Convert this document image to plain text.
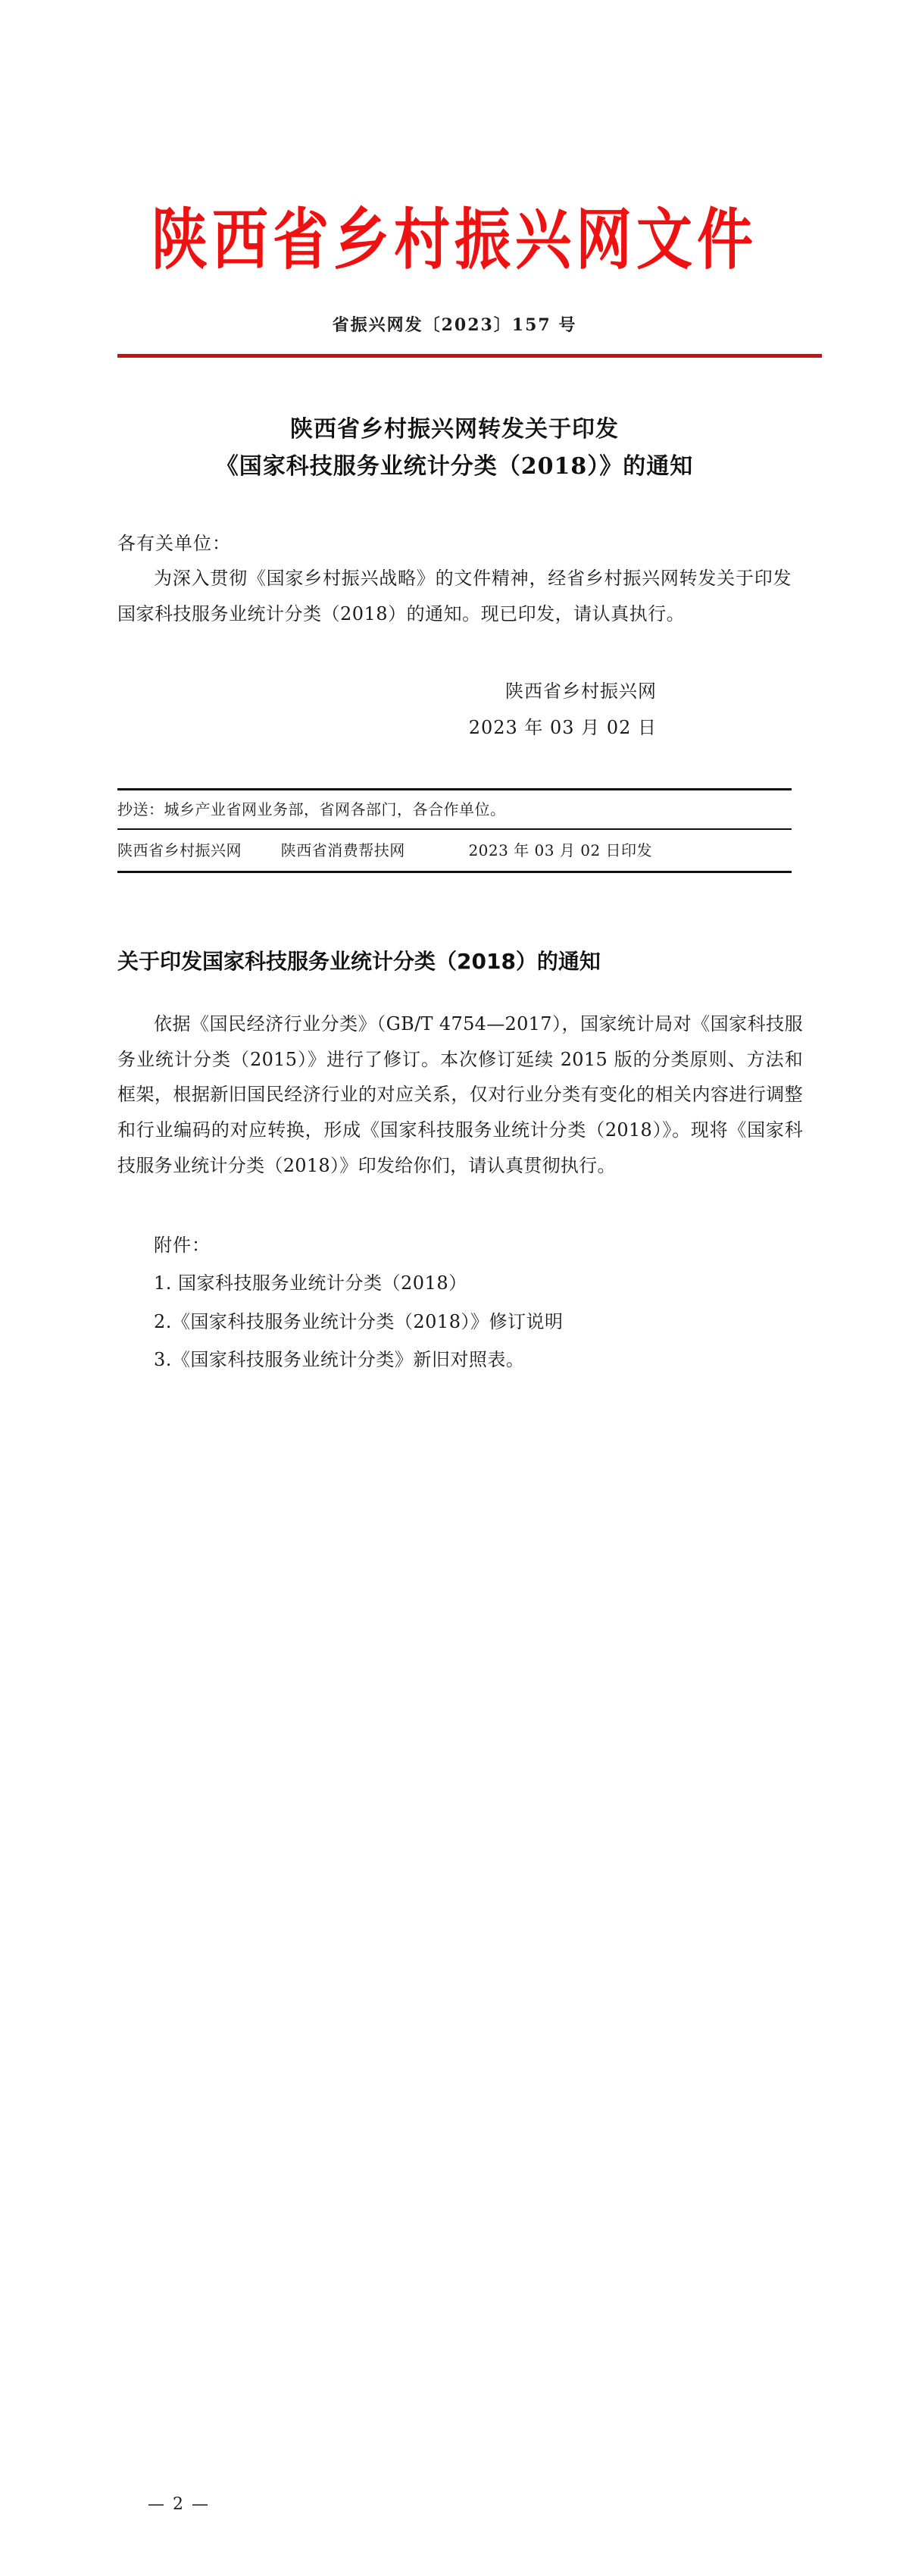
陕西省乡村振兴网文件
省振兴网发〔2023〕157 号
陕西省乡村振兴网转发关于印发
《国家科技服务业统计分类（2018）》的通知
各有关单位：
为深入贯彻《国家乡村振兴战略》的文件精神，经省乡村振兴网转发关于印发国家科技服务业统计分类（2018）的通知。现已印发，请认真执行。
陕西省乡村振兴网
2023 年 03 月 02 日
抄送：城乡产业省网业务部，省网各部门，各合作单位。
陕西省乡村振兴网	陕西省消费帮扶网	2023 年 03 月 02 日印发
关于印发国家科技服务业统计分类（2018）的通知
依据《国民经济行业分类》（GB/T 4754—2017），国家统计局对《国家科技服务业统计分类（2015）》进行了修订。本次修订延续 2015 版的分类原则、方法和框架，根据新旧国民经济行业的对应关系，仅对行业分类有变化的相关内容进行调整和行业编码的对应转换，形成《国家科技服务业统计分类（2018）》。现将《国家科技服务业统计分类（2018）》印发给你们，请认真贯彻执行。
附件：
1. 国家科技服务业统计分类（2018）
2.《国家科技服务业统计分类（2018）》修订说明
3.《国家科技服务业统计分类》新旧对照表。
— 2 —
